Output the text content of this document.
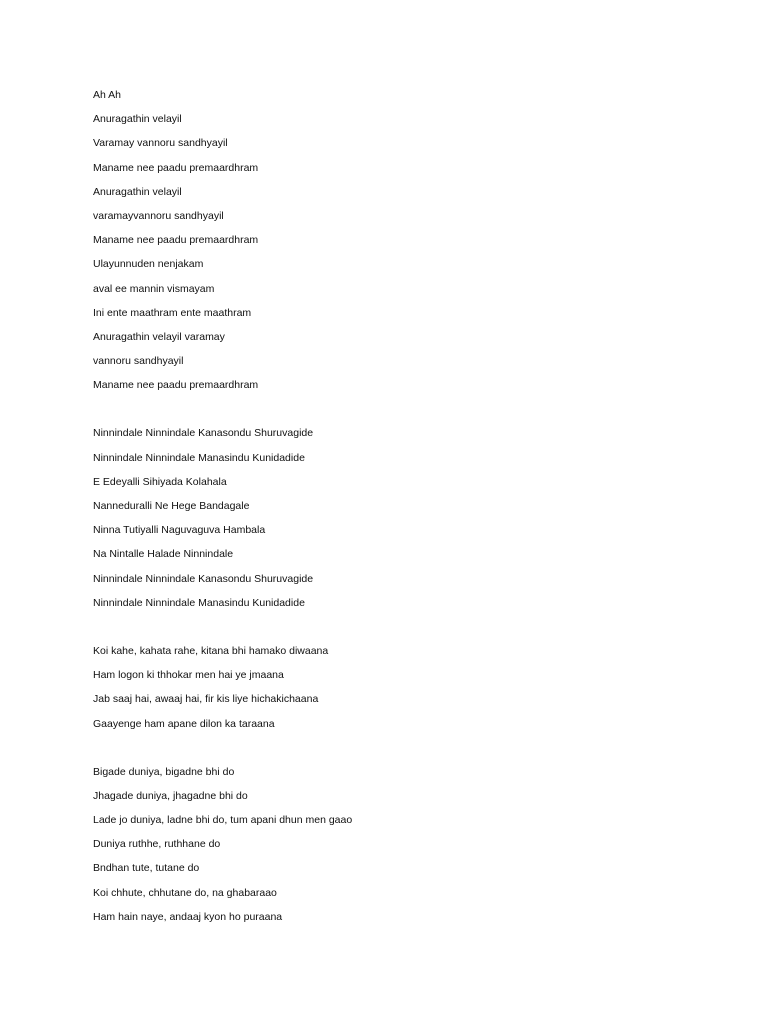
Ah Ah
Anuragathin velayil
Varamay vannoru sandhyayil
Maname nee paadu premaardhram
Anuragathin velayil
varamayvannoru sandhyayil
Maname nee paadu premaardhram
Ulayunnuden nenjakam
aval ee mannin vismayam
Ini ente maathram ente maathram
Anuragathin velayil varamay
vannoru sandhyayil
Maname nee paadu premaardhram
Ninnindale Ninnindale Kanasondu Shuruvagide
Ninnindale Ninnindale Manasindu Kunidadide
E Edeyalli Sihiyada Kolahala
Nanneduralli Ne Hege Bandagale
Ninna Tutiyalli Naguvaguva Hambala
Na Nintalle Halade Ninnindale
Ninnindale Ninnindale Kanasondu Shuruvagide
Ninnindale Ninnindale Manasindu Kunidadide
Koi kahe, kahata rahe, kitana bhi hamako diwaana
Ham logon ki thhokar men hai ye jmaana
Jab saaj hai, awaaj hai, fir kis liye hichakichaana
Gaayenge ham apane dilon ka taraana
Bigade duniya, bigadne bhi do
Jhagade duniya, jhagadne bhi do
Lade jo duniya, ladne bhi do, tum apani dhun men gaao
Duniya ruthhe, ruthhane do
Bndhan tute, tutane do
Koi chhute, chhutane do, na ghabaraao
Ham hain naye, andaaj kyon ho puraana
